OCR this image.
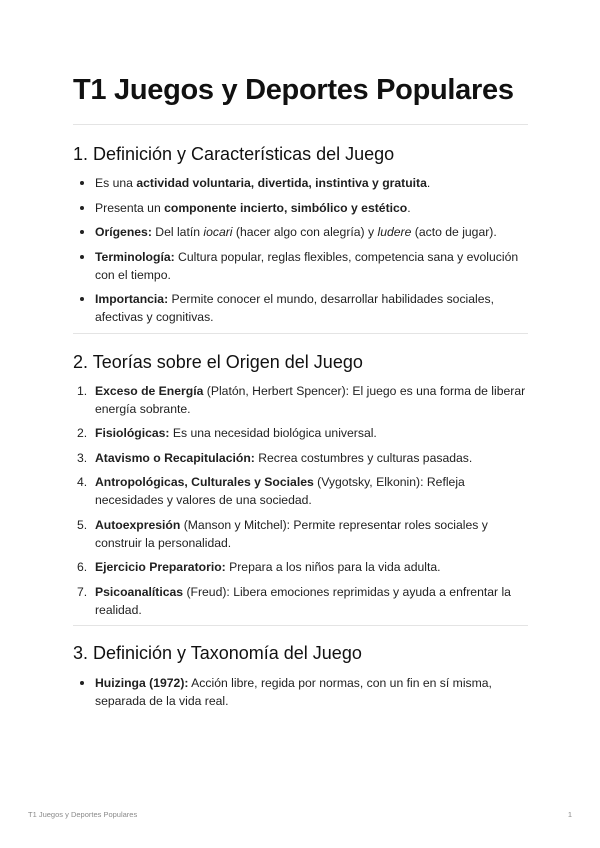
T1 Juegos y Deportes Populares
1. Definición y Características del Juego
Es una actividad voluntaria, divertida, instintiva y gratuita.
Presenta un componente incierto, simbólico y estético.
Orígenes: Del latín iocari (hacer algo con alegría) y ludere (acto de jugar).
Terminología: Cultura popular, reglas flexibles, competencia sana y evolución con el tiempo.
Importancia: Permite conocer el mundo, desarrollar habilidades sociales, afectivas y cognitivas.
2. Teorías sobre el Origen del Juego
1. Exceso de Energía (Platón, Herbert Spencer): El juego es una forma de liberar energía sobrante.
2. Fisiológicas: Es una necesidad biológica universal.
3. Atavismo o Recapitulación: Recrea costumbres y culturas pasadas.
4. Antropológicas, Culturales y Sociales (Vygotsky, Elkonin): Refleja necesidades y valores de una sociedad.
5. Autoexpresión (Manson y Mitchel): Permite representar roles sociales y construir la personalidad.
6. Ejercicio Preparatorio: Prepara a los niños para la vida adulta.
7. Psicoanalíticas (Freud): Libera emociones reprimidas y ayuda a enfrentar la realidad.
3. Definición y Taxonomía del Juego
Huizinga (1972): Acción libre, regida por normas, con un fin en sí misma, separada de la vida real.
T1 Juegos y Deportes Populares	1
